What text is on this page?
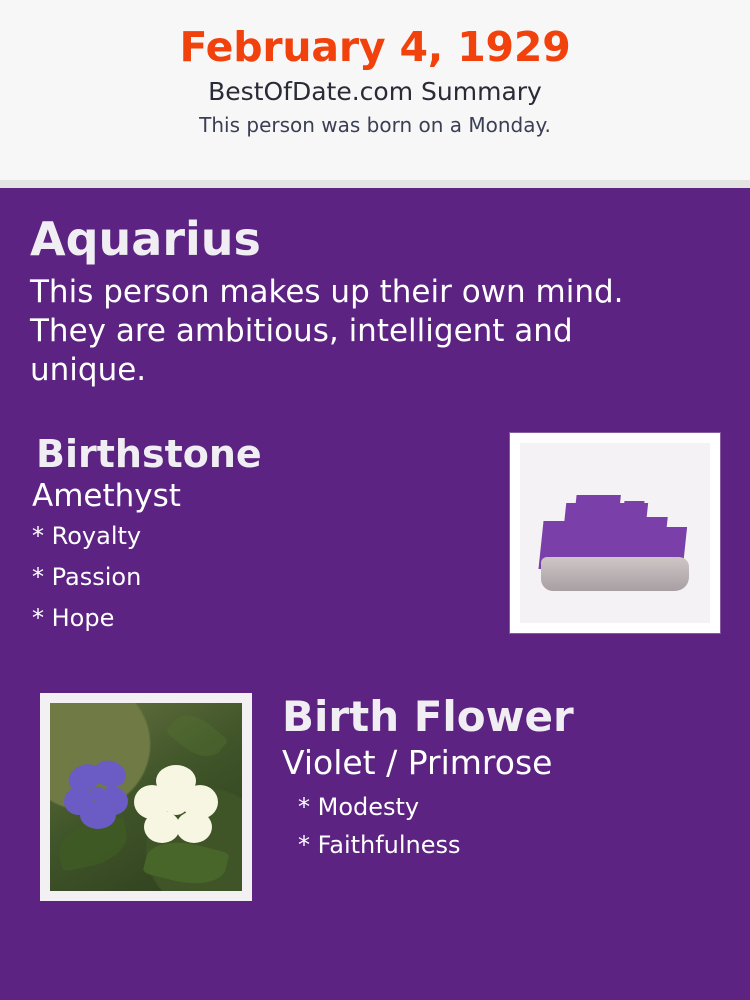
February 4, 1929
BestOfDate.com Summary
This person was born on a Monday.
Aquarius

This person makes up their own mind. They are ambitious, intelligent and unique.

Birthstone
Amethyst
* Royalty
* Passion
* Hope
Birth Flower
Violet / Primrose
* Modesty
* Faithfulness
